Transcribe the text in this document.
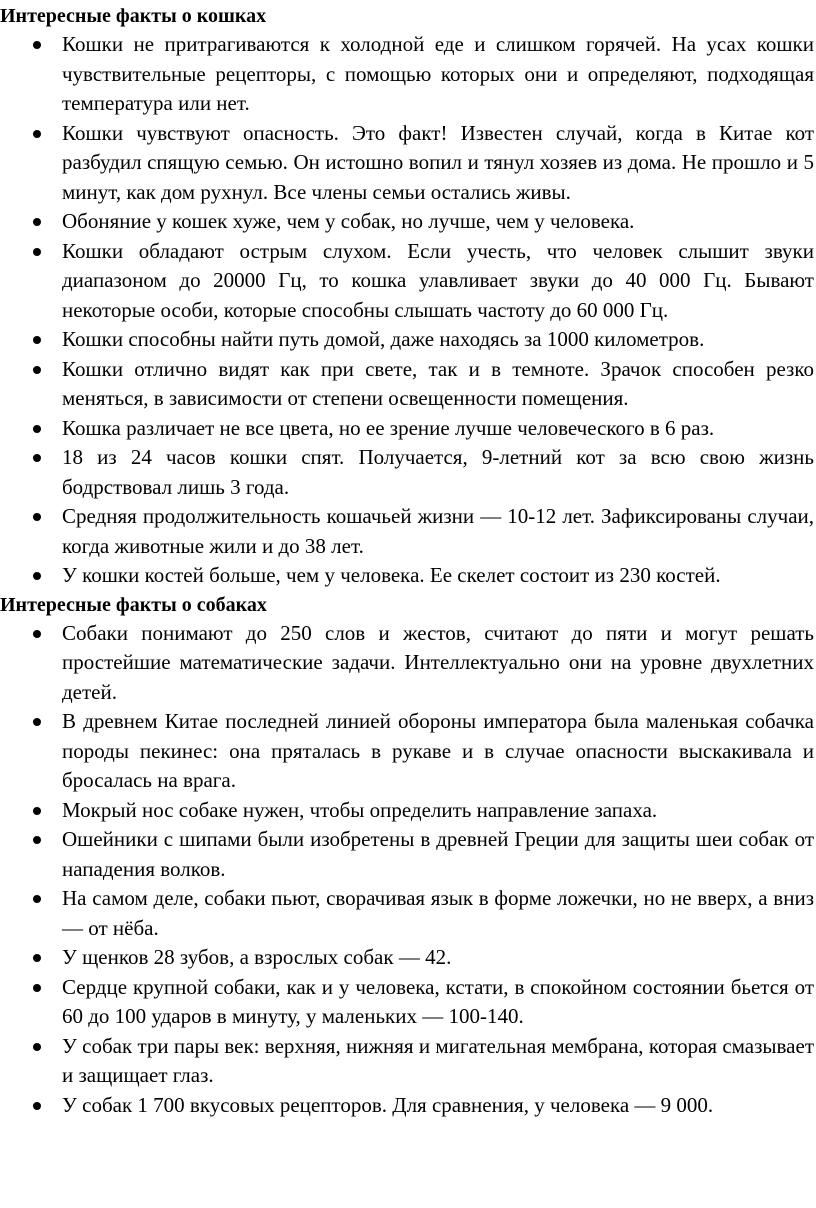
Интересные факты о кошках
Кошки не притрагиваются к холодной еде и слишком горячей. На усах кошки чувствительные рецепторы, с помощью которых они и определяют, подходящая температура или нет.
Кошки чувствуют опасность. Это факт! Известен случай, когда в Китае кот разбудил спящую семью. Он истошно вопил и тянул хозяев из дома. Не прошло и 5 минут, как дом рухнул. Все члены семьи остались живы.
Обоняние у кошек хуже, чем у собак, но лучше, чем у человека.
Кошки обладают острым слухом. Если учесть, что человек слышит звуки диапазоном до 20000 Гц, то кошка улавливает звуки до 40 000 Гц. Бывают некоторые особи, которые способны слышать частоту до 60 000 Гц.
Кошки способны найти путь домой, даже находясь за 1000 километров.
Кошки отлично видят как при свете, так и в темноте. Зрачок способен резко меняться, в зависимости от степени освещенности помещения.
Кошка различает не все цвета, но ее зрение лучше человеческого в 6 раз.
18 из 24 часов кошки спят. Получается, 9-летний кот за всю свою жизнь бодрствовал лишь 3 года.
Средняя продолжительность кошачьей жизни — 10-12 лет. Зафиксированы случаи, когда животные жили и до 38 лет.
У кошки костей больше, чем у человека. Ее скелет состоит из 230 костей.
Интересные факты о собаках
Собаки понимают до 250 слов и жестов, считают до пяти и могут решать простейшие математические задачи. Интеллектуально они на уровне двухлетних детей.
В древнем Китае последней линией обороны императора была маленькая собачка породы пекинес: она пряталась в рукаве и в случае опасности выскакивала и бросалась на врага.
Мокрый нос собаке нужен, чтобы определить направление запаха.
Ошейники с шипами были изобретены в древней Греции для защиты шеи собак от нападения волков.
На самом деле, собаки пьют, сворачивая язык в форме ложечки, но не вверх, а вниз — от нёба.
У щенков 28 зубов, а взрослых собак — 42.
Сердце крупной собаки, как и у человека, кстати, в спокойном состоянии бьется от 60 до 100 ударов в минуту, у маленьких — 100-140.
У собак три пары век: верхняя, нижняя и мигательная мембрана, которая смазывает и защищает глаз.
У собак 1 700 вкусовых рецепторов. Для сравнения, у человека — 9 000.
